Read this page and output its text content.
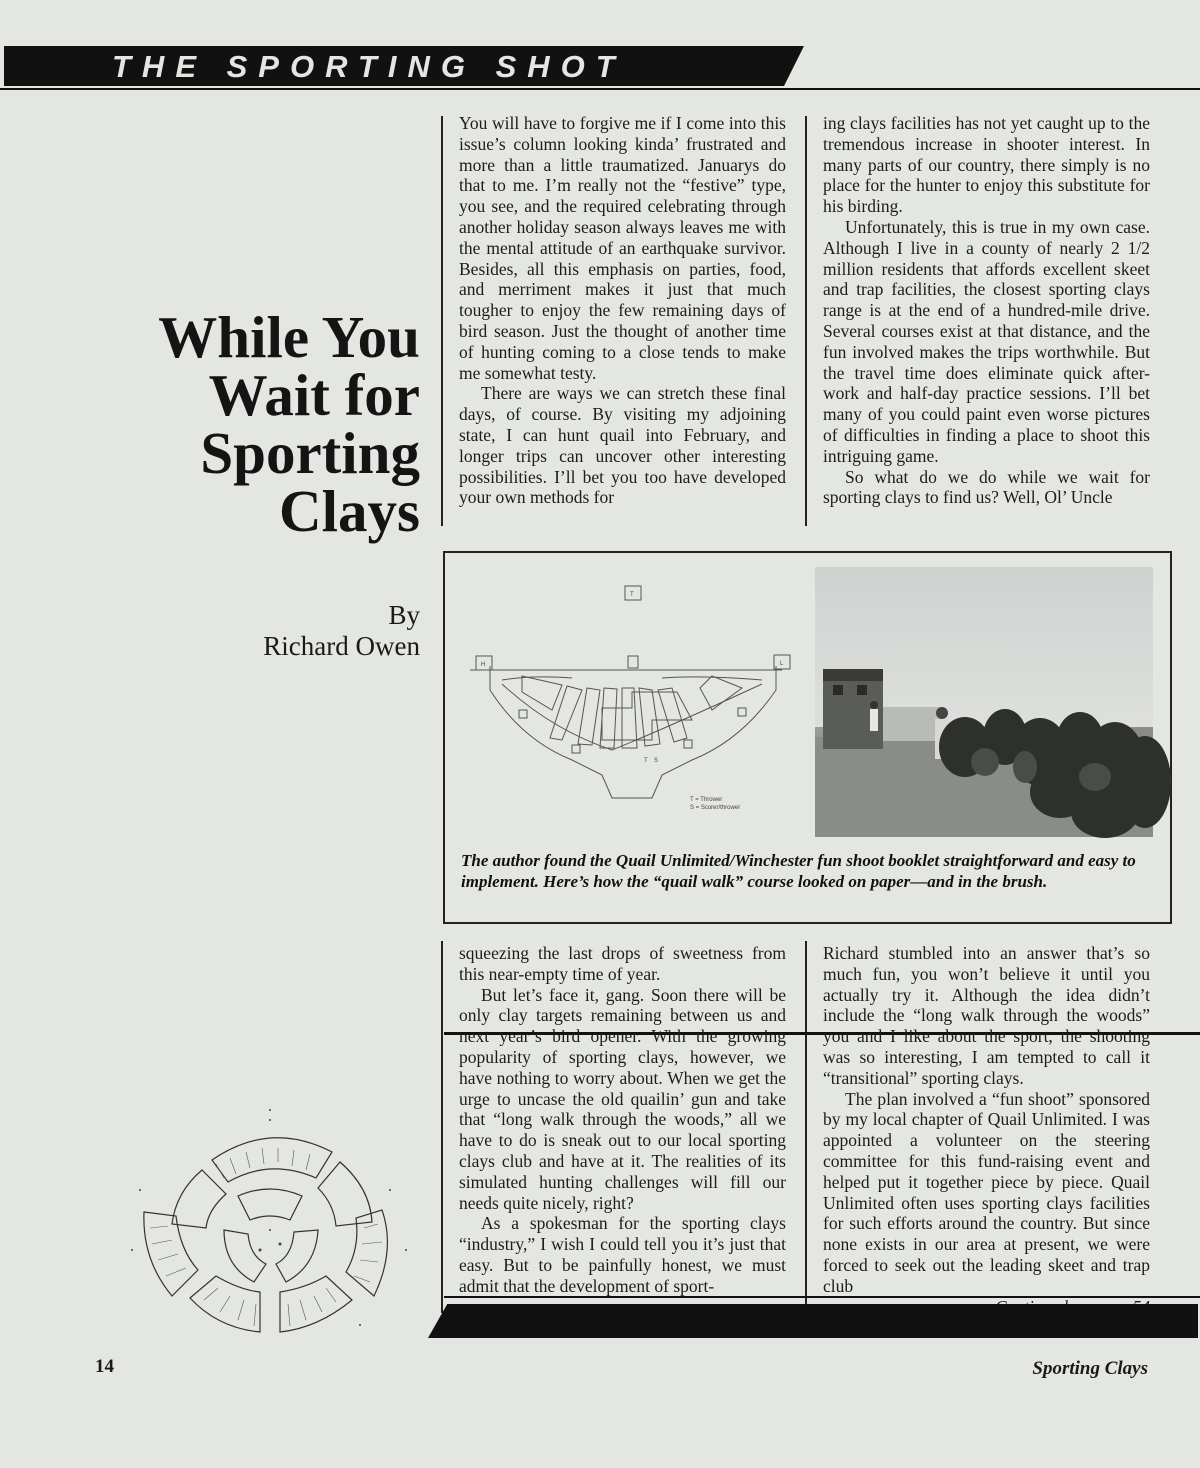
THE SPORTING SHOT
While You
Wait for
Sporting
Clays
By
Richard Owen

You will have to forgive me if I come into this issue’s column looking kinda’ frustrated and more than a little traumatized. Januarys do that to me. I’m really not the “festive” type, you see, and the required celebrating through another holiday season always leaves me with the mental attitude of an earthquake survivor. Besides, all this emphasis on parties, food, and merriment makes it just that much tougher to enjoy the few remaining days of bird season. Just the thought of another time of hunting coming to a close tends to make me somewhat testy.

There are ways we can stretch these final days, of course. By visiting my adjoining state, I can hunt quail into February, and longer trips can uncover other interesting possibilities. I’ll bet you too have developed your own methods for

ing clays facilities has not yet caught up to the tremendous increase in shooter interest. In many parts of our country, there simply is no place for the hunter to enjoy this substitute for his birding.

Unfortunately, this is true in my own case. Although I live in a county of nearly 2 1/2 million residents that affords excellent skeet and trap facilities, the closest sporting clays range is at the end of a hundred-mile drive. Several courses exist at that distance, and the fun involved makes the trips worthwhile. But the travel time does eliminate quick after-work and half-day practice sessions. I’ll bet many of you could paint even worse pictures of difficulties in finding a place to shoot this intriguing game.

So what do we do while we wait for sporting clays to find us? Well, Ol’ Uncle

T
H	L
T S
T = Thrower
S = Scorer/thrower
The author found the Quail Unlimited/Winchester fun shoot booklet straightforward and easy to implement. Here’s how the “quail walk” course looked on paper—and in the brush.

squeezing the last drops of sweetness from this near-empty time of year.

But let’s face it, gang. Soon there will be only clay targets remaining between us and next year’s bird opener. With the growing popularity of sporting clays, however, we have nothing to worry about. When we get the urge to uncase the old quailin’ gun and take that “long walk through the woods,” all we have to do is sneak out to our local sporting clays club and have at it. The realities of its simulated hunting challenges will fill our needs quite nicely, right?

As a spokesman for the sporting clays “industry,” I wish I could tell you it’s just that easy. But to be painfully honest, we must admit that the development of sport-

Richard stumbled into an answer that’s so much fun, you won’t believe it until you actually try it. Although the idea didn’t include the “long walk through the woods” you and I like about the sport, the shooting was so interesting, I am tempted to call it “transitional” sporting clays.

The plan involved a “fun shoot” sponsored by my local chapter of Quail Unlimited. I was appointed a volunteer on the steering committee for this fund-raising event and helped put it together piece by piece. Quail Unlimited often uses sporting clays facilities for such efforts around the country. But since none exists in our area at present, we were forced to seek out the leading skeet and trap club

14	Sporting Clays
